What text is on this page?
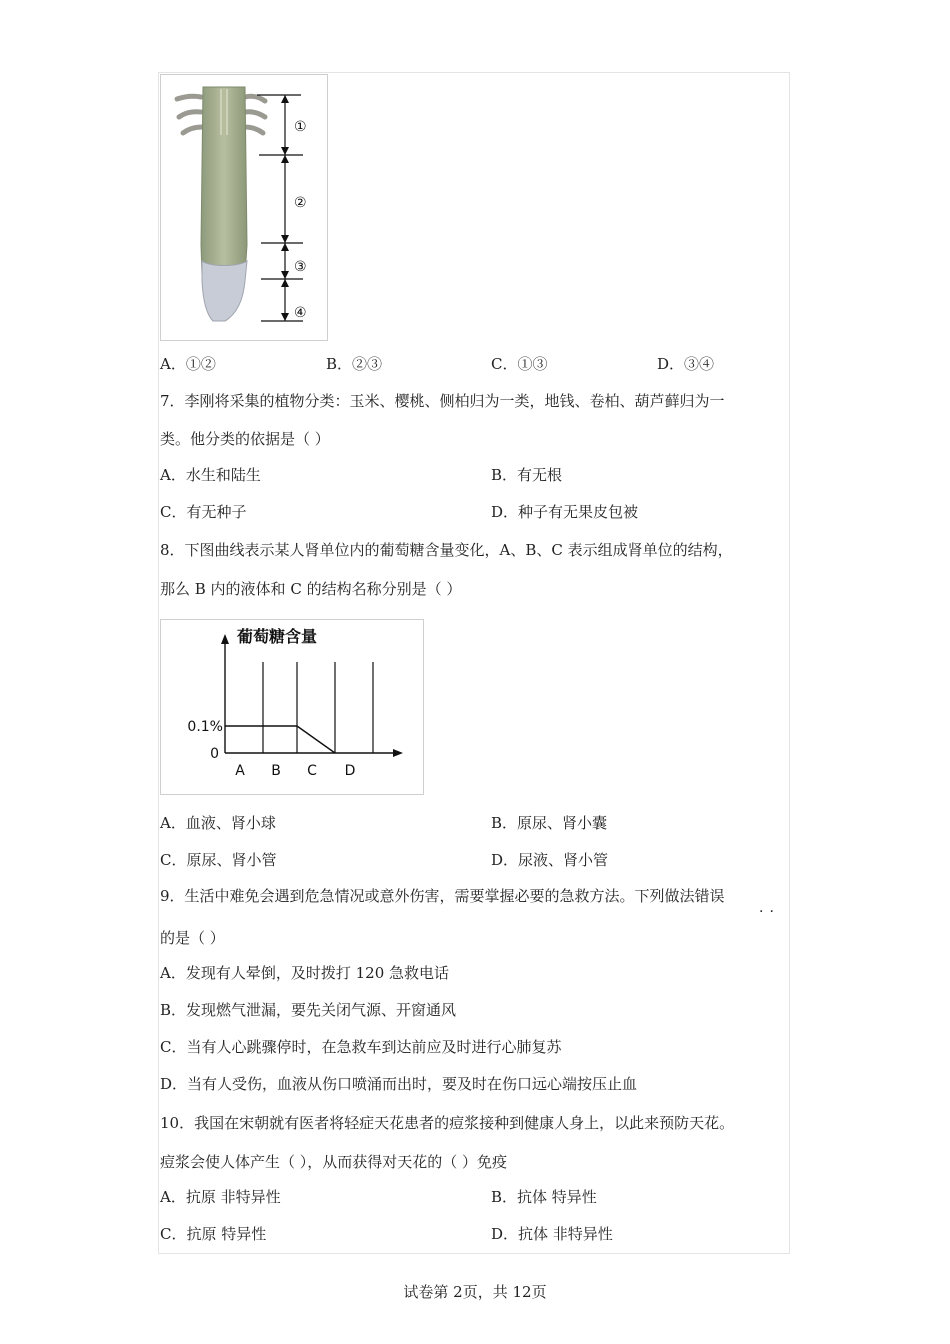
①
②
③
④
A．①②	B．②③	C．①③	D．③④
7．李刚将采集的植物分类：玉米、樱桃、侧柏归为一类，地钱、卷柏、葫芦藓归为一
类。他分类的依据是（ ）
A．水生和陆生	B．有无根
C．有无种子	D．种子有无果皮包被
8．下图曲线表示某人肾单位内的葡萄糖含量变化，A、B、C 表示组成肾单位的结构，
那么 B 内的液体和 C 的结构名称分别是（ ）
葡萄糖含量
0
0.1%
A B C D
A．血液、肾小球	B．原尿、肾小囊
C．原尿、肾小管	D．尿液、肾小管
9．生活中难免会遇到危急情况或意外伤害，需要掌握必要的急救方法。下列做法错误
··
的是（ ）
A．发现有人晕倒，及时拨打 120 急救电话
B．发现燃气泄漏，要先关闭气源、开窗通风
C．当有人心跳骤停时，在急救车到达前应及时进行心肺复苏
D．当有人受伤，血液从伤口喷涌而出时，要及时在伤口远心端按压止血
10．我国在宋朝就有医者将轻症天花患者的痘浆接种到健康人身上，以此来预防天花。
痘浆会使人体产生（ ），从而获得对天花的（ ）免疫
A．抗原 非特异性	B．抗体 特异性
C．抗原 特异性	D．抗体 非特异性
试卷第 2页，共 12页
